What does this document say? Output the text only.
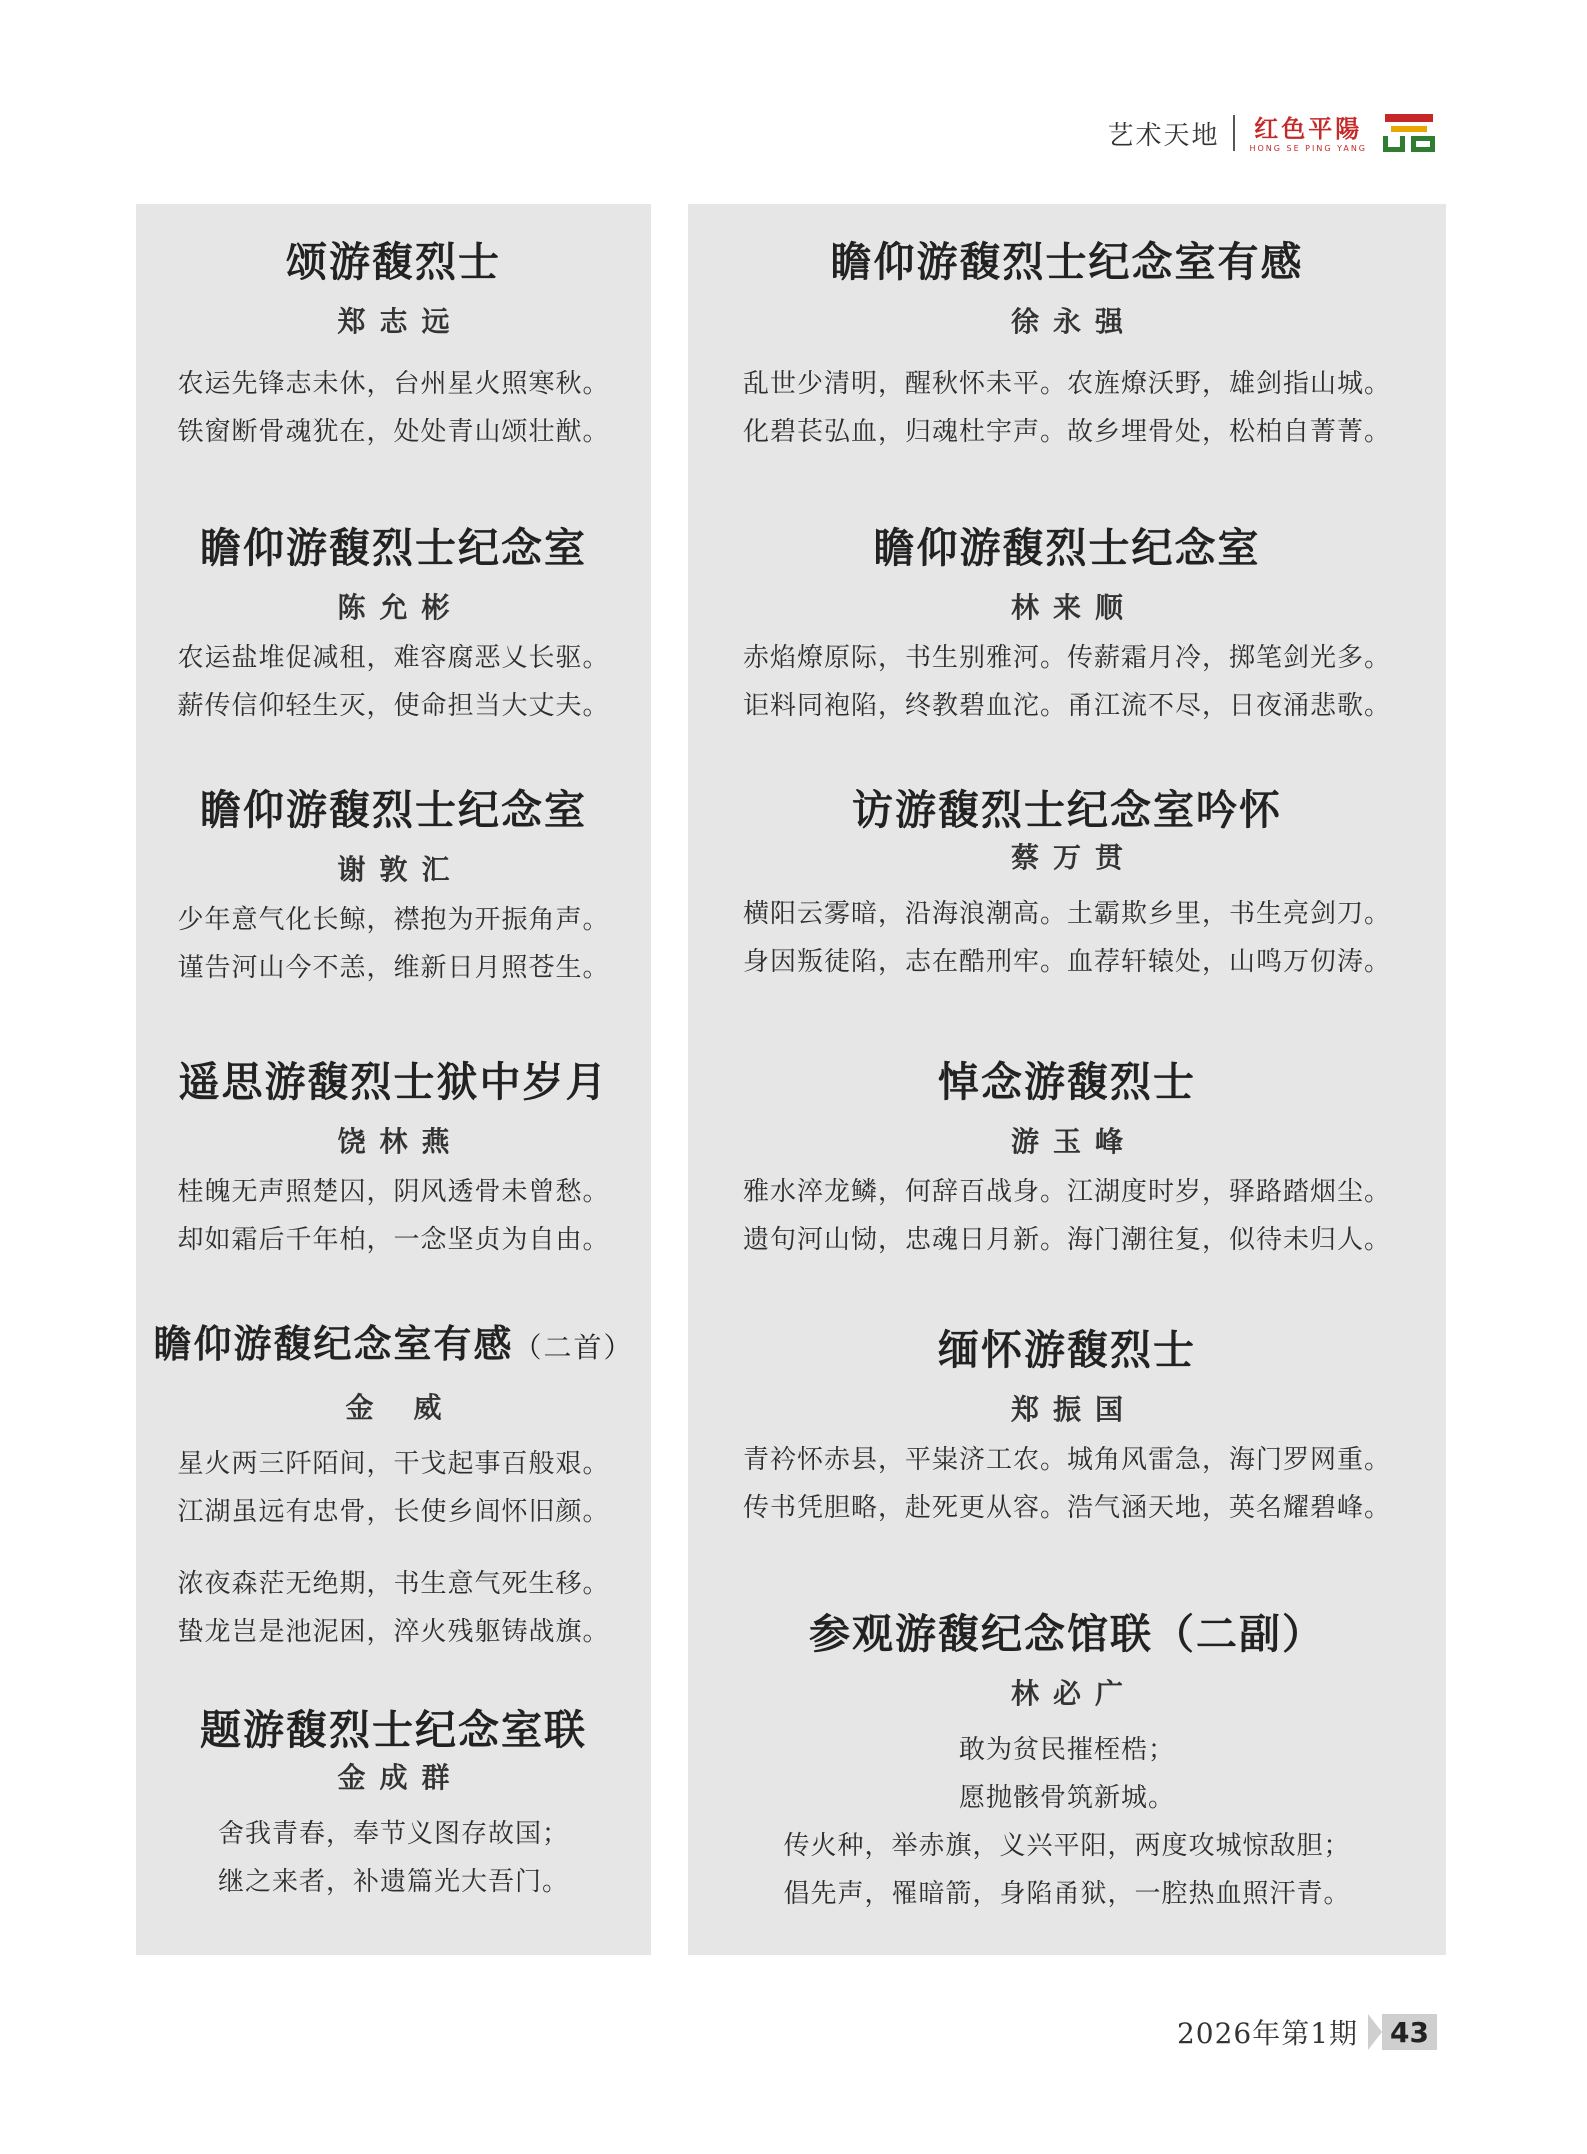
艺术天地 红色平陽
HONG SE PING YANG
颂游馥烈士
郑志远
农运先锋志未休，台州星火照寒秋。
铁窗断骨魂犹在，处处青山颂壮猷。
瞻仰游馥烈士纪念室
陈允彬
农运盐堆促减租，难容腐恶乂长驱。
薪传信仰轻生灭，使命担当大丈夫。
瞻仰游馥烈士纪念室
谢敦汇
少年意气化长鲸，襟抱为开振角声。
谨告河山今不恙，维新日月照苍生。
遥思游馥烈士狱中岁月
饶林燕
桂魄无声照楚囚，阴风透骨未曾愁。
却如霜后千年柏，一念坚贞为自由。
瞻仰游馥纪念室有感（二首）
金威
星火两三阡陌间，干戈起事百般艰。
江湖虽远有忠骨，长使乡闾怀旧颜。
浓夜森茫无绝期，书生意气死生移。
蛰龙岂是池泥困，淬火残躯铸战旗。
题游馥烈士纪念室联
金成群
舍我青春，奉节义图存故国；
继之来者，补遗篇光大吾门。
瞻仰游馥烈士纪念室有感
徐永强
乱世少清明，醒秋怀未平。农旌燎沃野，雄剑指山城。
化碧苌弘血，归魂杜宇声。故乡埋骨处，松柏自菁菁。
瞻仰游馥烈士纪念室
林来顺
赤焰燎原际，书生别雅河。传薪霜月冷，掷笔剑光多。
讵料同袍陷，终教碧血沱。甬江流不尽，日夜涌悲歌。
访游馥烈士纪念室吟怀
蔡万贯
横阳云雾暗，沿海浪潮高。土霸欺乡里，书生亮剑刀。
身因叛徒陷，志在酷刑牢。血荐轩辕处，山鸣万仞涛。
悼念游馥烈士
游玉峰
雅水淬龙鳞，何辞百战身。江湖度时岁，驿路踏烟尘。
遗句河山恸，忠魂日月新。海门潮往复，似待未归人。
缅怀游馥烈士
郑振国
青衿怀赤县，平粜济工农。城角风雷急，海门罗网重。
传书凭胆略，赴死更从容。浩气涵天地，英名耀碧峰。
参观游馥纪念馆联（二副）
林必广
敢为贫民摧桎梏；
愿抛骸骨筑新城。
传火种，举赤旗，义兴平阳，两度攻城惊敌胆；
倡先声，罹暗箭，身陷甬狱，一腔热血照汗青。
2026年第1期 43
